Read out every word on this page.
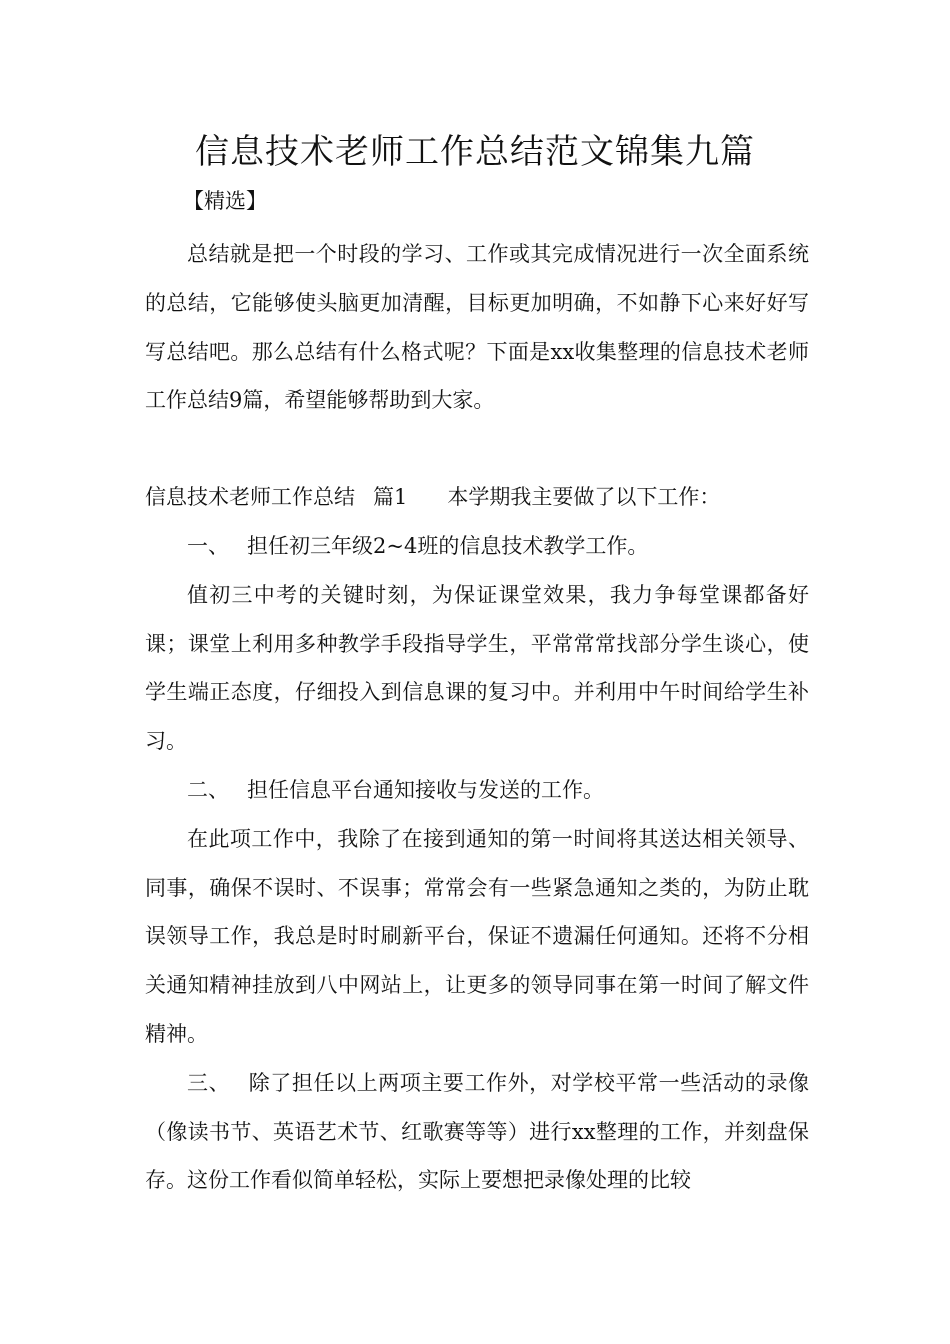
信息技术老师工作总结范文锦集九篇

【精选】

总结就是把一个时段的学习、工作或其完成情况进行一次全面系统的总结，它能够使头脑更加清醒，目标更加明确，不如静下心来好好写写总结吧。那么总结有什么格式呢？下面是xx收集整理的信息技术老师工作总结9篇，希望能够帮助到大家。

信息技术老师工作总结 篇1 本学期我主要做了以下工作：

一、 担任初三年级2~4班的信息技术教学工作。

值初三中考的关键时刻，为保证课堂效果，我力争每堂课都备好课；课堂上利用多种教学手段指导学生，平常常常找部分学生谈心，使学生端正态度，仔细投入到信息课的复习中。并利用中午时间给学生补习。

二、 担任信息平台通知接收与发送的工作。

在此项工作中，我除了在接到通知的第一时间将其送达相关领导、同事，确保不误时、不误事；常常会有一些紧急通知之类的，为防止耽误领导工作，我总是时时刷新平台，保证不遗漏任何通知。还将不分相关通知精神挂放到八中网站上，让更多的领导同事在第一时间了解文件精神。

三、 除了担任以上两项主要工作外，对学校平常一些活动的录像（像读书节、英语艺术节、红歌赛等等）进行xx整理的工作，并刻盘保存。这份工作看似简单轻松，实际上要想把录像处理的比较
